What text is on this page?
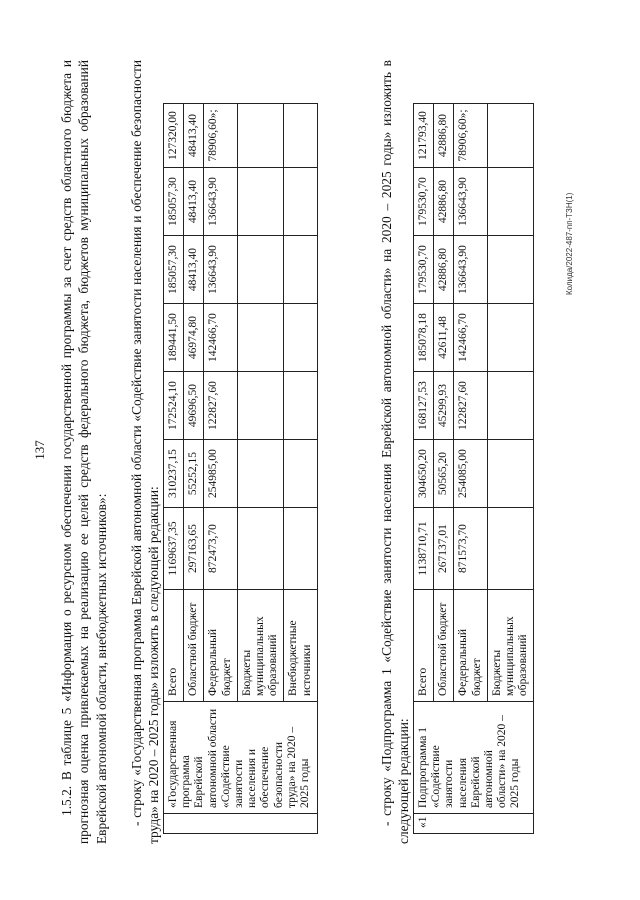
137 1.5.2. В таблице 5 «Информация о ресурсном обеспечении государственной программы за счет средств областного бюджета и прогнозная оценка привлекаемых на реализацию ее целей средств федерального бюджета, бюджетов муниципальных образований Еврейской автономной области, внебюджетных источников»: - строку «Государственная программа Еврейской автономной области «Содействие занятости населения и обеспечение безопасности труда» на 2020 – 2025 годы» изложить в следующей редакции:

	«Государственная программа Еврейской автономной области «Содействие занятости населения и обеспечение безопасности труда» на 2020 – 2025 годы	Всего	1169637,35	310237,15	172524,10	189441,50	185057,30	185057,30	127320,00
		Областной бюджет	297163,65	55252,15	49696,50	46974,80	48413,40	48413,40	48413,40
		Федеральный бюджет	872473,70	254985,00	122827,60	142466,70	136643,90	136643,90	78906,60»;
		Бюджеты муниципальных образований							
		Внебюджетные источники								- строку «Подпрограмма 1 «Содействие занятости населения Еврейской автономной области» на 2020 – 2025 годы» изложить в следующей редакции: «1	Подпрограмма 1 «Содействие занятости населения Еврейской автономной области» на 2020 – 2025 годы	Всего	1138710,71	304650,20	168127,53	185078,18	179530,70	179530,70	121793,40
		Областной бюджет	267137,01	50565,20	45299,93	42611,48	42886,80	42886,80	42886,80
		Федеральный бюджет	871573,70	254085,00	122827,60	142466,70	136643,90	136643,90	78906,60»;
		Бюджеты муниципальных образований							
Колида/2022-487-пп-ТЗН(1)
